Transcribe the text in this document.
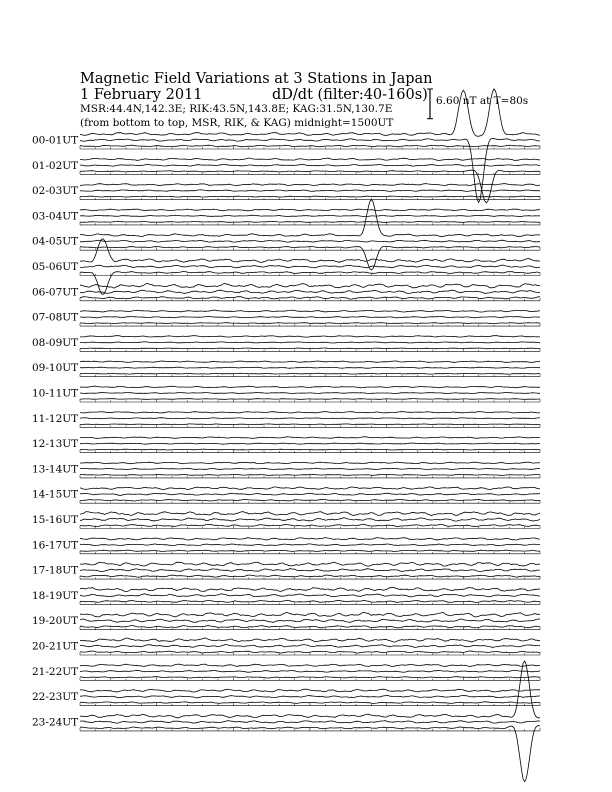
Magnetic Field Variations at 3 Stations in Japan
1 February 2011	dD/dt (filter:40-160s)
MSR:44.4N,142.3E; RIK:43.5N,143.8E; KAG:31.5N,130.7E
(from bottom to top, MSR, RIK, & KAG) midnight=1500UT
6.60 nT at T=80s
00-01UT
01-02UT
02-03UT
03-04UT
04-05UT
05-06UT
06-07UT
07-08UT
08-09UT
09-10UT
10-11UT
11-12UT
12-13UT
13-14UT
14-15UT
15-16UT
16-17UT
17-18UT
18-19UT
19-20UT
20-21UT
21-22UT
22-23UT
23-24UT
